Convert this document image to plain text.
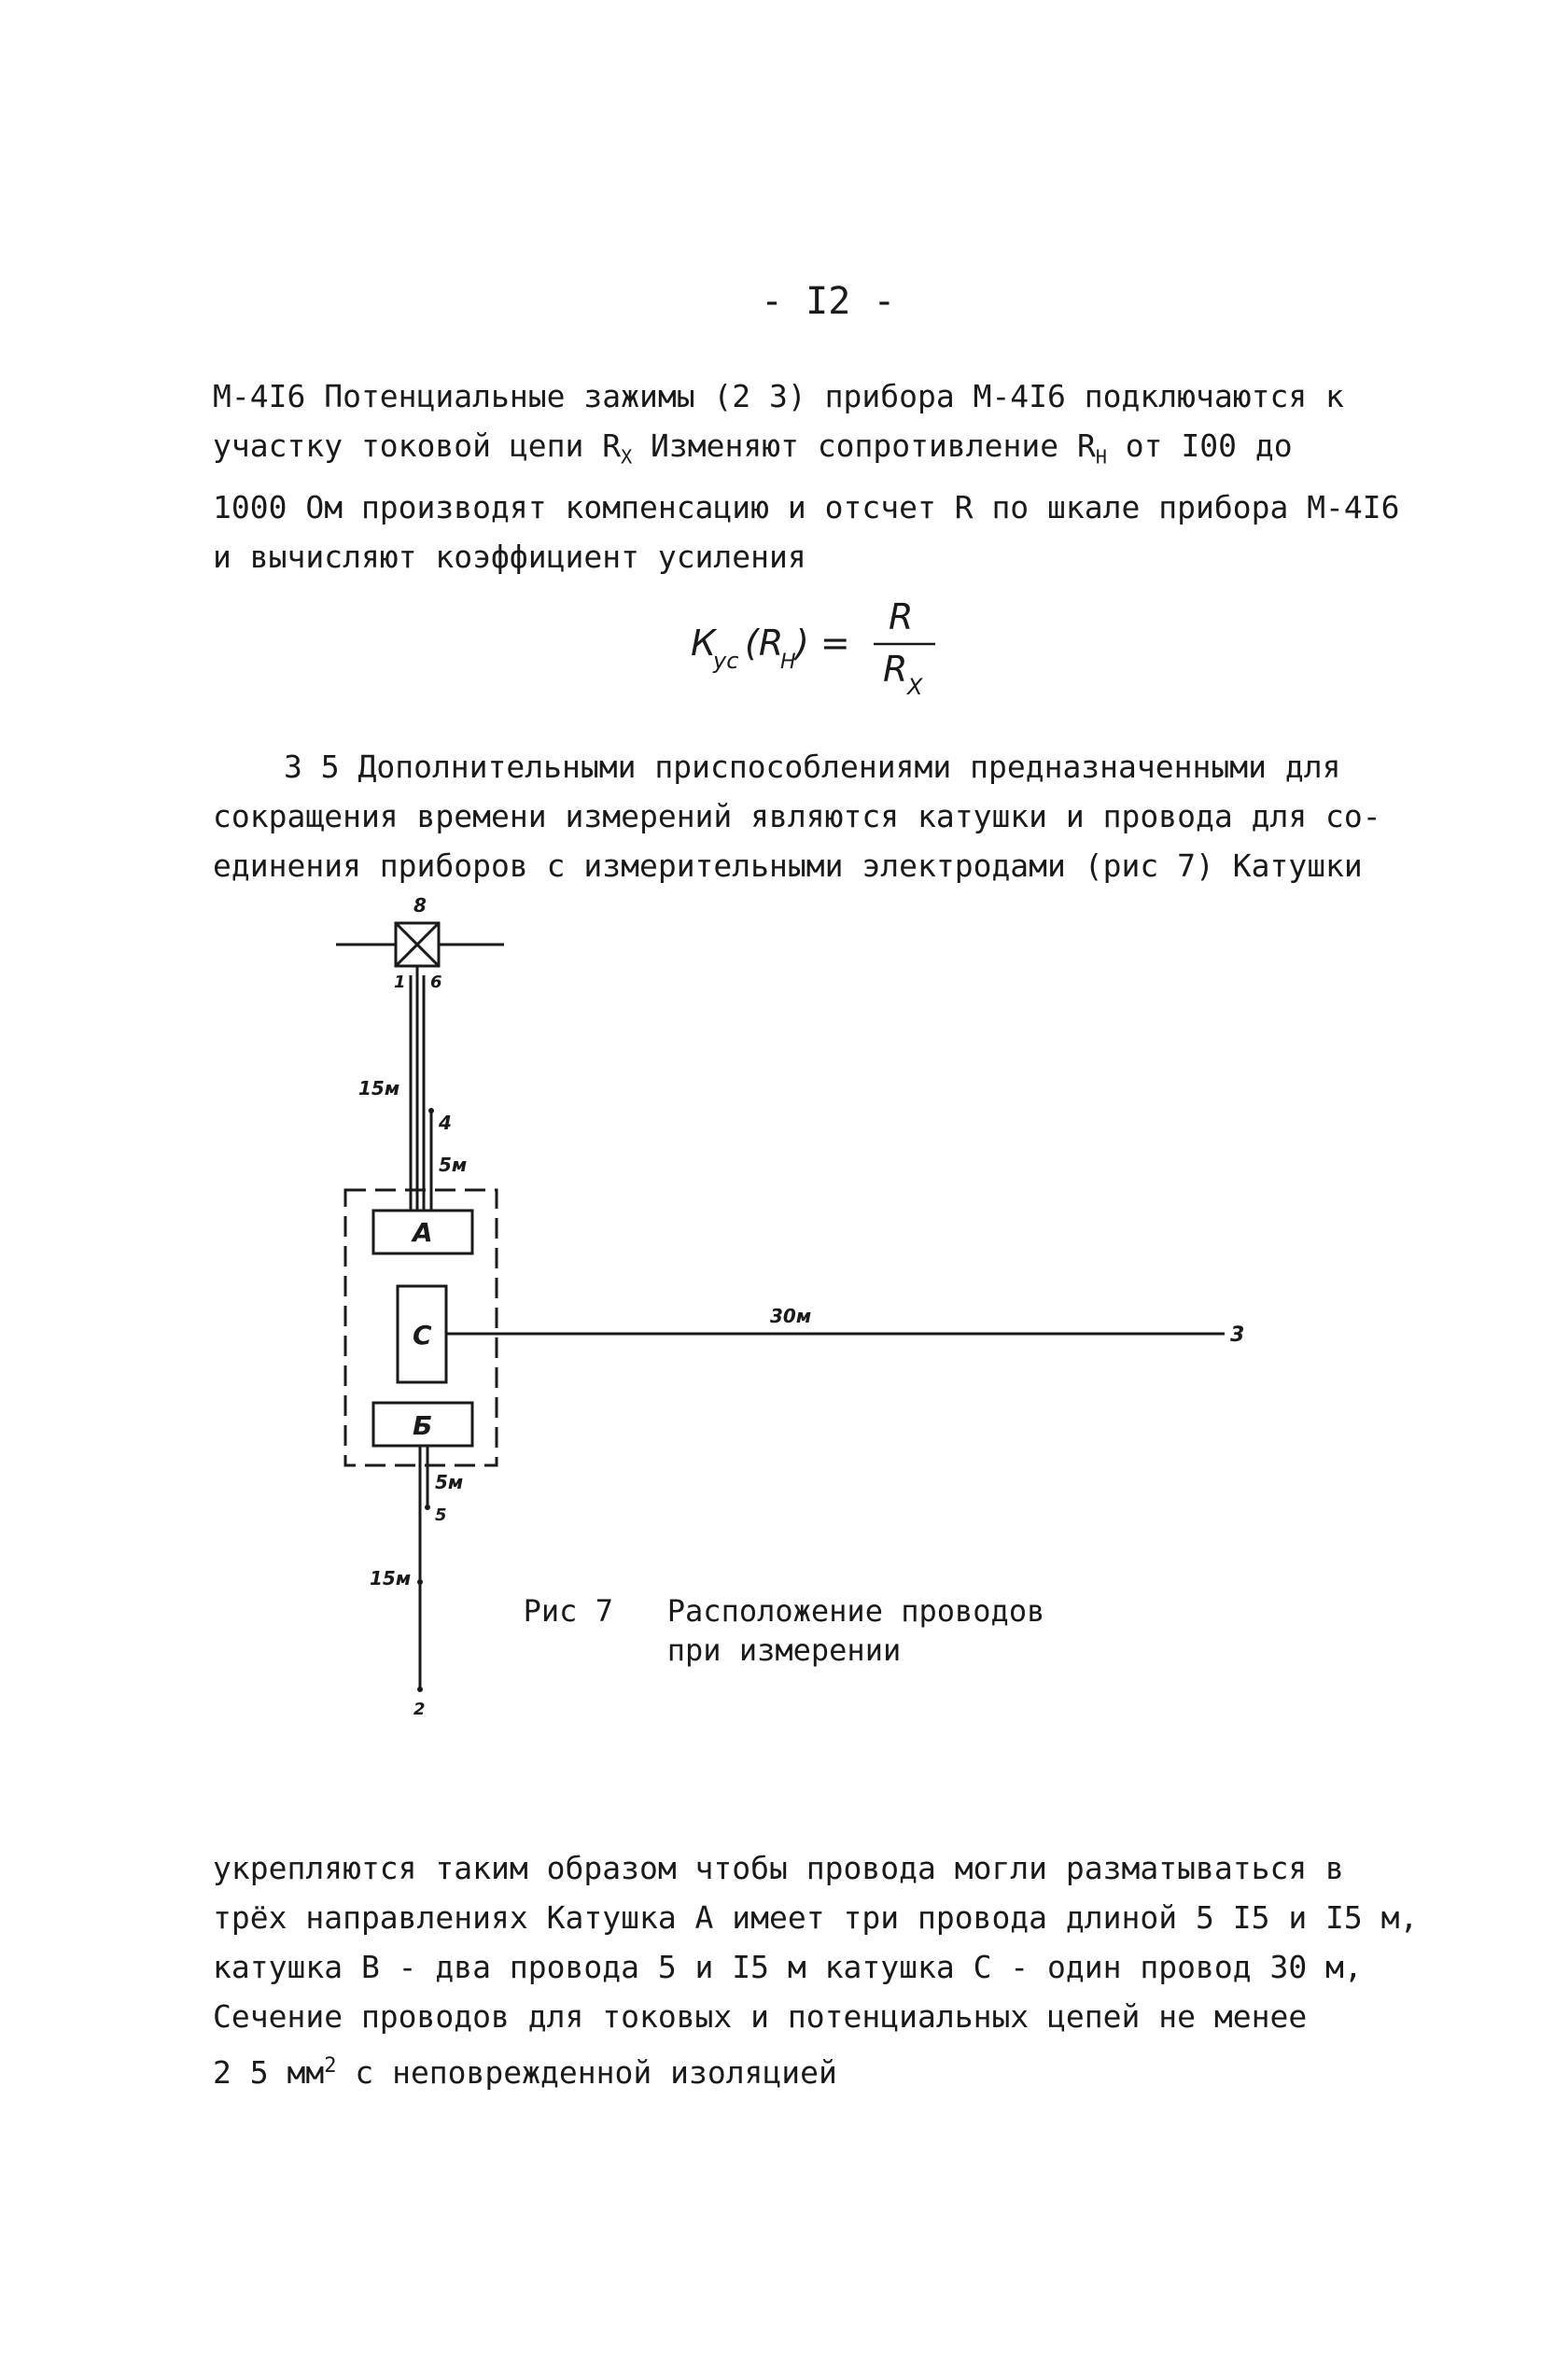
- I2 -
М-4I6 Потенциальные зажимы (2 3) прибора М-4I6 подключаются к
участку токовой цепи $R_X$ Изменяют сопротивление $R_Н$ от I00 до
1000 Ом производят компенсацию и отсчет R по шкале прибора М-4I6
и вычисляют коэффициент усиления
К
ус (R
Н ) =
R
R X
3 5 Дополнительными приспособлениями предназначенными для
сокращения времени измерений являются катушки и провода для со-
единения приборов с измерительными электродами (рис 7) Катушки
8
1 6
15м
4
5м
А
С
Б
30м
3
5м
5
15м
2
Рис 7   Расположение проводов
при измерении
укрепляются таким образом чтобы провода могли разматываться в
трёх направлениях Катушка А имеет три провода длиной 5 I5 и I5 м,
катушка В - два провода 5 и I5 м катушка С - один провод 30 м,
Сечение проводов для токовых и потенциальных цепей не менее
2 5 $мм^2$ с неповрежденной изоляцией
